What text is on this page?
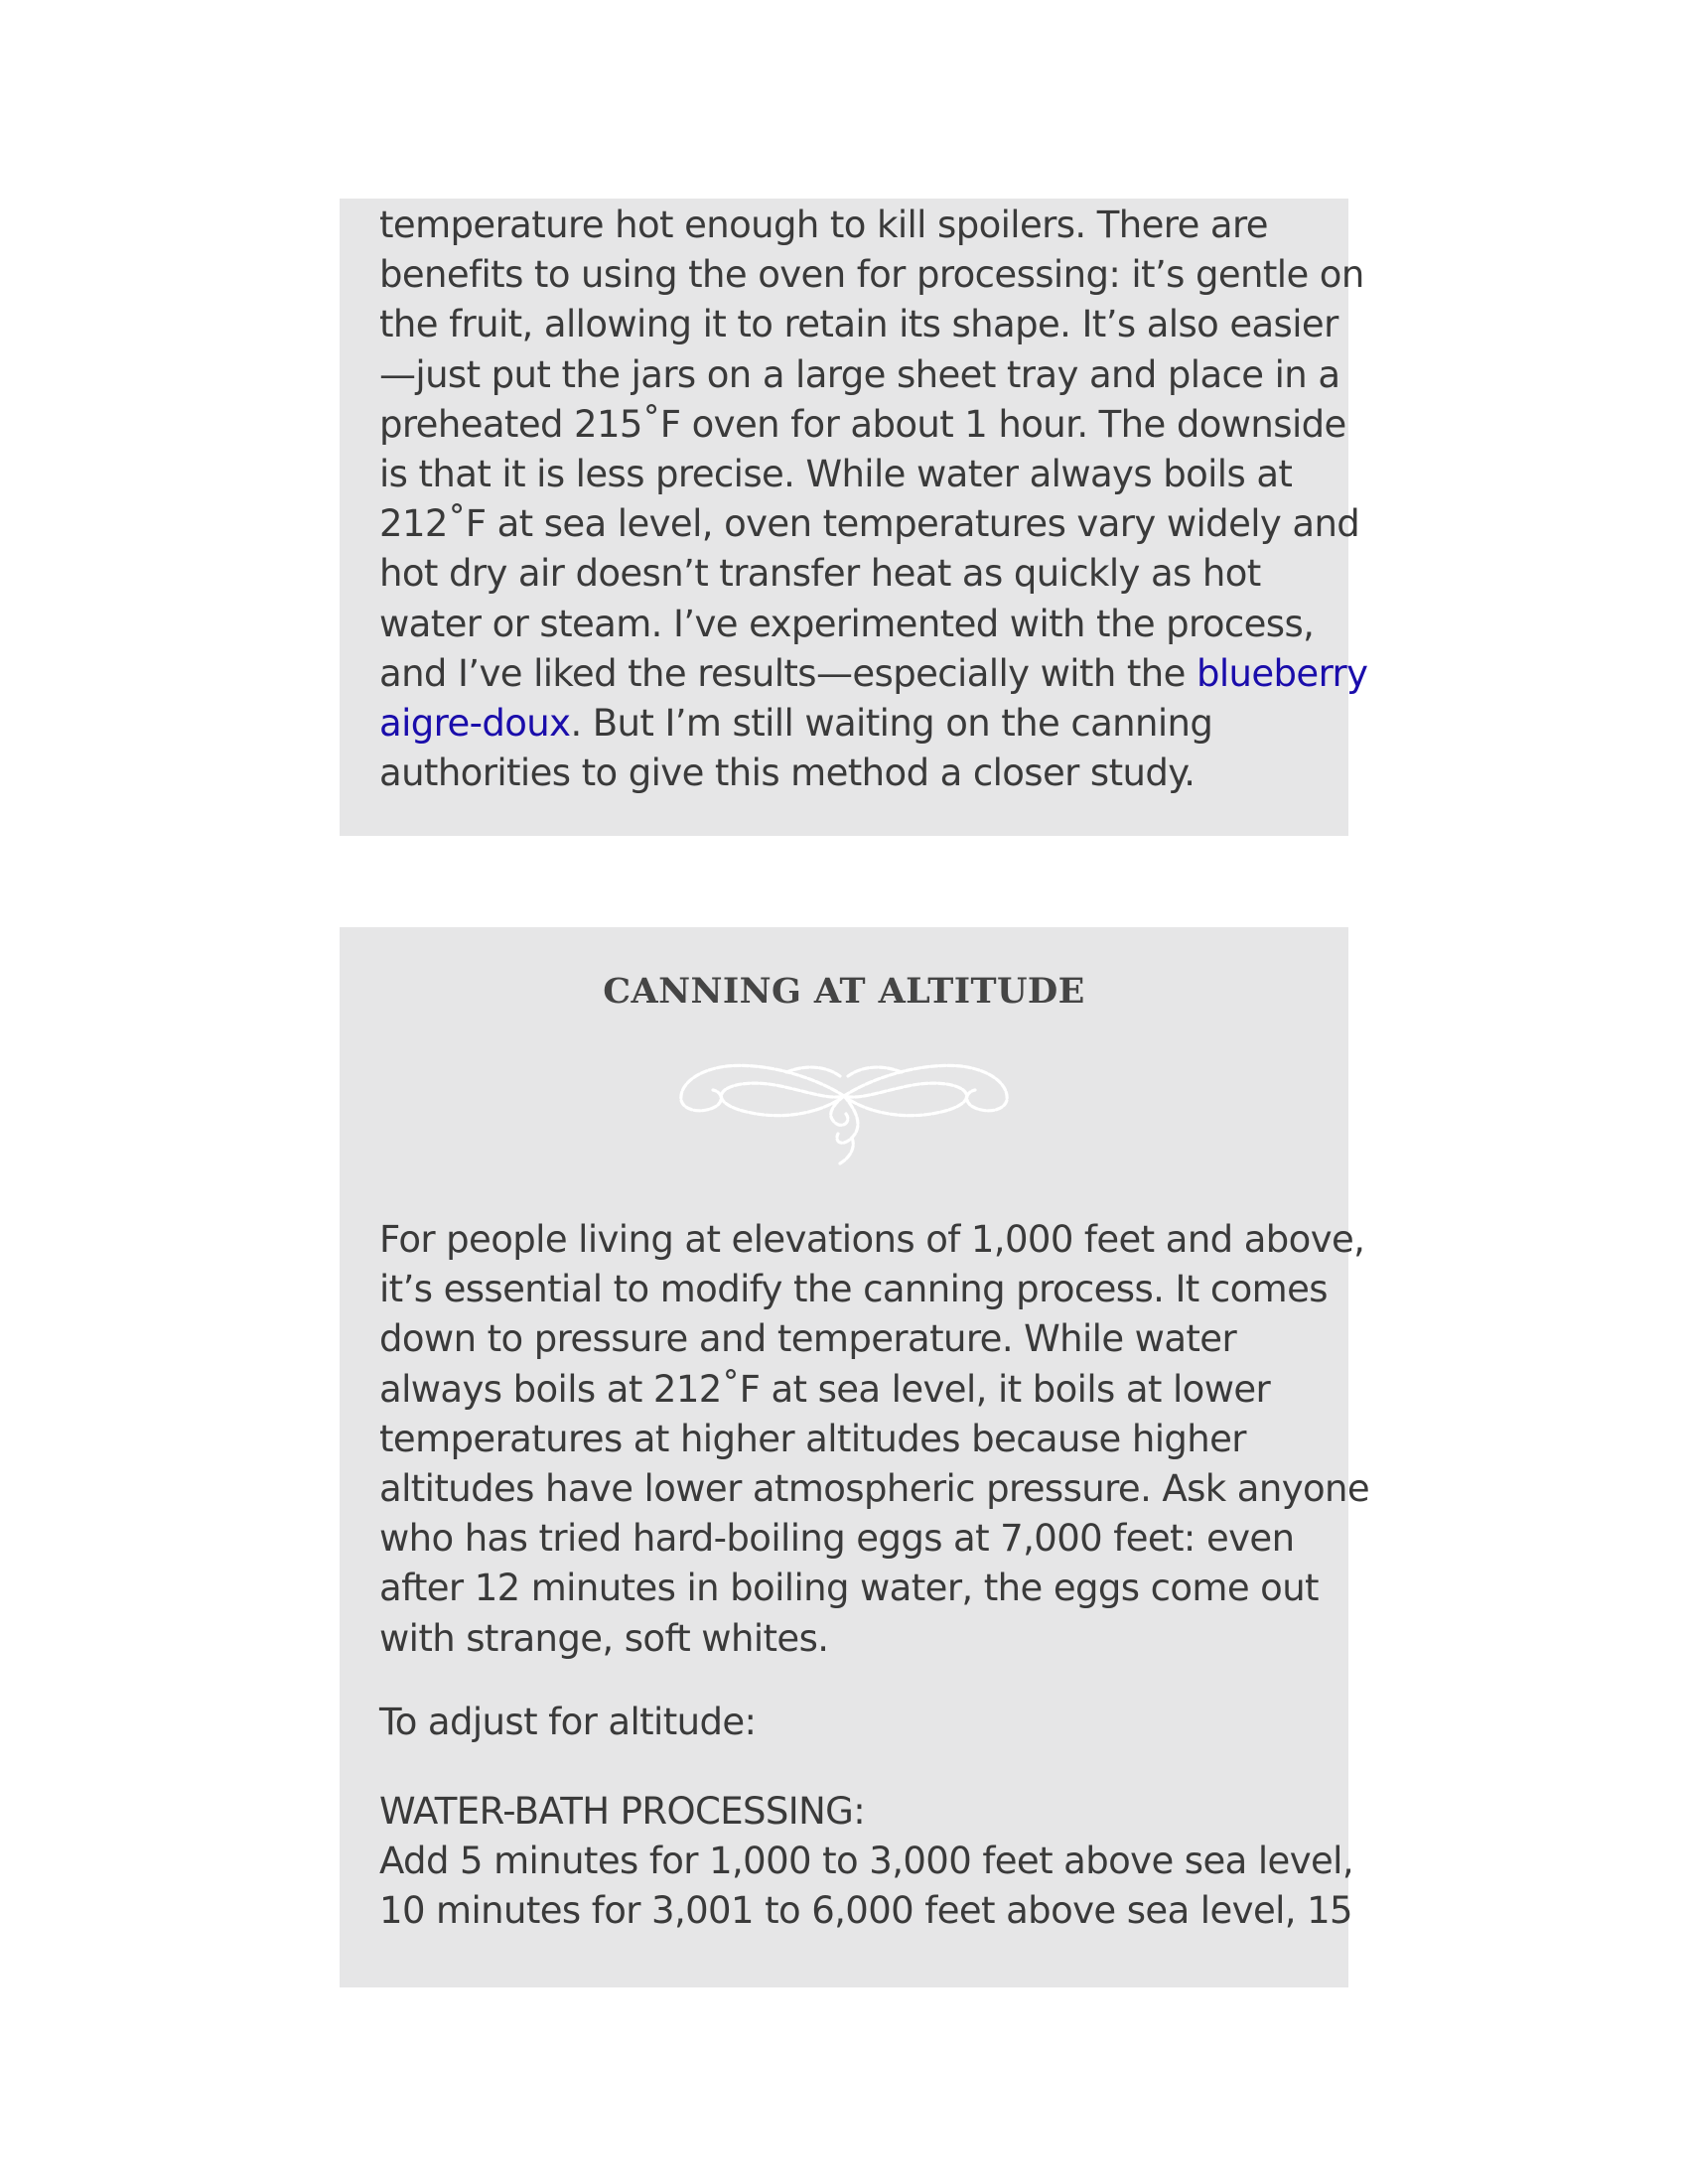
temperature hot enough to kill spoilers. There are
benefits to using the oven for processing: it’s gentle on
the fruit, allowing it to retain its shape. It’s also easier
—just put the jars on a large sheet tray and place in a
preheated 215˚F oven for about 1 hour. The downside
is that it is less precise. While water always boils at
212˚F at sea level, oven temperatures vary widely and
hot dry air doesn’t transfer heat as quickly as hot
water or steam. I’ve experimented with the process,
and I’ve liked the results—especially with the blueberry
aigre-doux. But I’m still waiting on the canning
authorities to give this method a closer study.
CANNING AT ALTITUDE
For people living at elevations of 1,000 feet and above,
it’s essential to modify the canning process. It comes
down to pressure and temperature. While water
always boils at 212˚F at sea level, it boils at lower
temperatures at higher altitudes because higher
altitudes have lower atmospheric pressure. Ask anyone
who has tried hard-boiling eggs at 7,000 feet: even
after 12 minutes in boiling water, the eggs come out
with strange, soft whites.
To adjust for altitude:
WATER-BATH PROCESSING:
Add 5 minutes for 1,000 to 3,000 feet above sea level,
10 minutes for 3,001 to 6,000 feet above sea level, 15
